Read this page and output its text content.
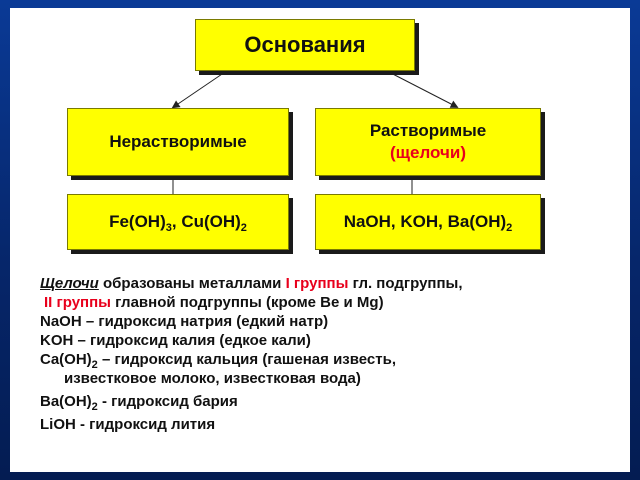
Основания
Нерастворимые
Растворимые
(щелочи)
$Fe(OH)_3$, $Cu(OH)_2$	NaOH, KOH, $Ba(OH)_2$
Щелочи образованы металлами I группы гл. подгруппы,
II группы главной подгруппы (кроме Be и Mg)
NaOH – гидроксид натрия (едкий натр)
KOH – гидроксид калия (едкое кали)
$Ca(OH)_2$ – гидроксид кальция (гашеная известь,
известковое молоко, известковая вода)
$Ba(OH)_2$ - гидроксид бария
LiOH - гидроксид лития
